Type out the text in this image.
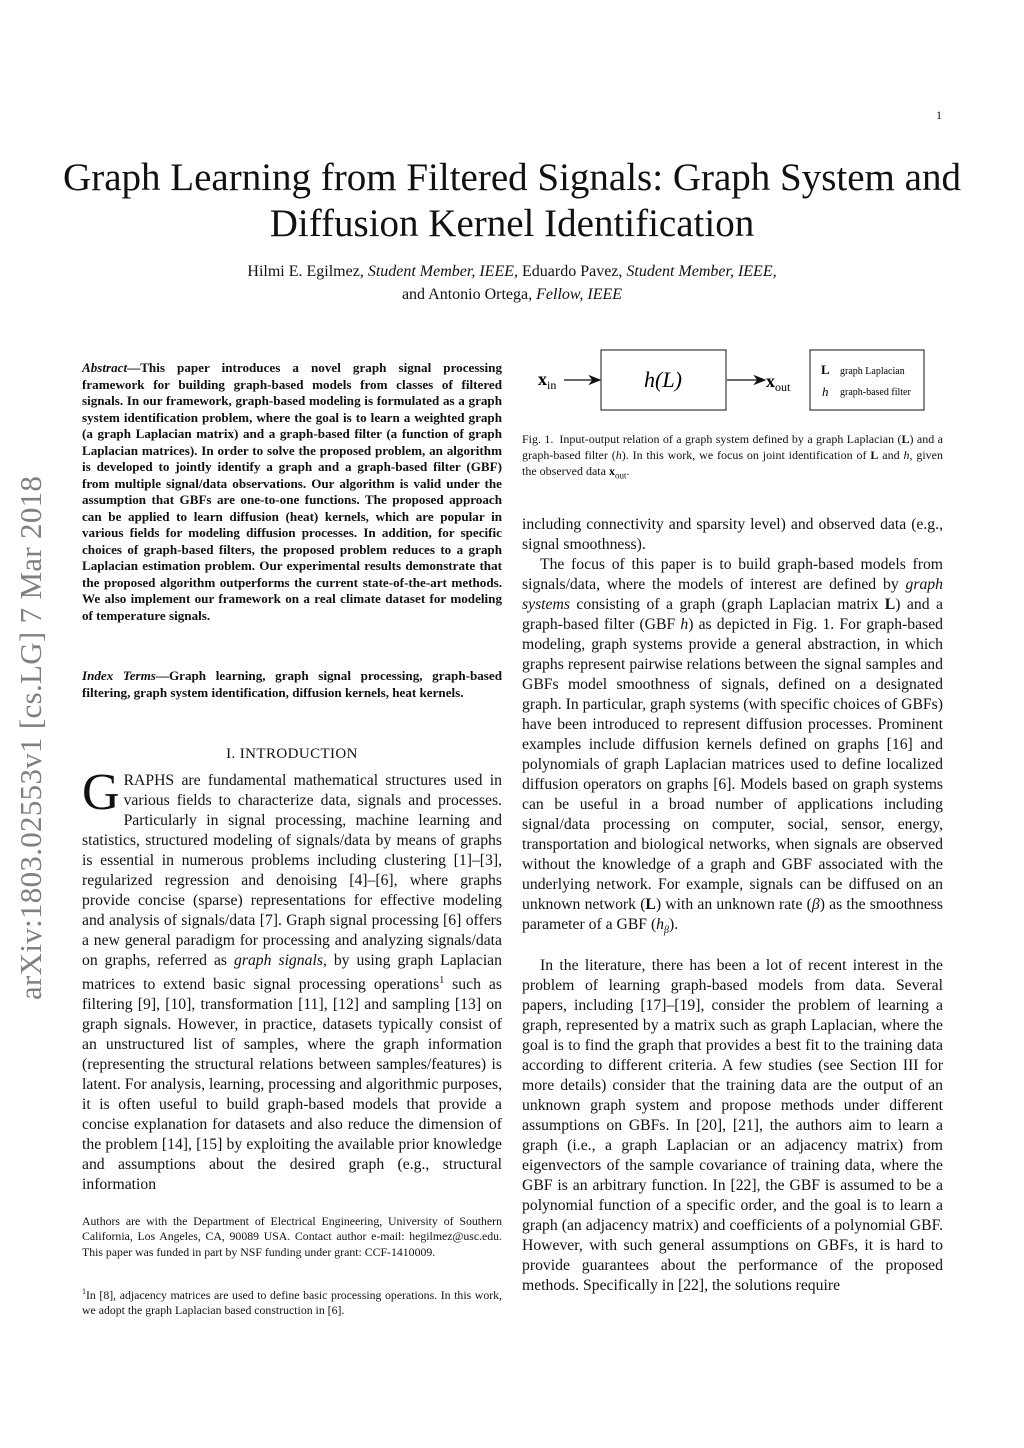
1
Graph Learning from Filtered Signals: Graph System and Diffusion Kernel Identification
Hilmi E. Egilmez, Student Member, IEEE, Eduardo Pavez, Student Member, IEEE,
and Antonio Ortega, Fellow, IEEE
arXiv:1803.02553v1 [cs.LG] 7 Mar 2018
Abstract—This paper introduces a novel graph signal processing framework for building graph-based models from classes of filtered signals. In our framework, graph-based modeling is formulated as a graph system identification problem, where the goal is to learn a weighted graph (a graph Laplacian matrix) and a graph-based filter (a function of graph Laplacian matrices). In order to solve the proposed problem, an algorithm is developed to jointly identify a graph and a graph-based filter (GBF) from multiple signal/data observations. Our algorithm is valid under the assumption that GBFs are one-to-one functions. The proposed approach can be applied to learn diffusion (heat) kernels, which are popular in various fields for modeling diffusion processes. In addition, for specific choices of graph-based filters, the proposed problem reduces to a graph Laplacian estimation problem. Our experimental results demonstrate that the proposed algorithm outperforms the current state-of-the-art methods. We also implement our framework on a real climate dataset for modeling of temperature signals.
Index Terms—Graph learning, graph signal processing, graph-based filtering, graph system identification, diffusion kernels, heat kernels.
I. INTRODUCTION
GRAPHS are fundamental mathematical structures used in various fields to characterize data, signals and processes. Particularly in signal processing, machine learning and statistics, structured modeling of signals/data by means of graphs is essential in numerous problems including clustering [1]–[3], regularized regression and denoising [4]–[6], where graphs provide concise (sparse) representations for effective modeling and analysis of signals/data [7]. Graph signal processing [6] offers a new general paradigm for processing and analyzing signals/data on graphs, referred as graph signals, by using graph Laplacian matrices to extend basic signal processing operations$^1$ such as filtering [9], [10], transformation [11], [12] and sampling [13] on graph signals. However, in practice, datasets typically consist of an unstructured list of samples, where the graph information (representing the structural relations between samples/features) is latent. For analysis, learning, processing and algorithmic purposes, it is often useful to build graph-based models that provide a concise explanation for datasets and also reduce the dimension of the problem [14], [15] by exploiting the available prior knowledge and assumptions about the desired graph (e.g., structural information
Authors are with the Department of Electrical Engineering, University of Southern California, Los Angeles, CA, 90089 USA. Contact author e-mail: hegilmez@usc.edu. This paper was funded in part by NSF funding under grant: CCF-1410009.
$^1$In [8], adjacency matrices are used to define basic processing operations. In this work, we adopt the graph Laplacian based construction in [6].
$x_{in}$	h(L)	$x_{out}$
L graph Laplacian
h graph-based filter
Fig. 1. Input-output relation of a graph system defined by a graph Laplacian (L) and a graph-based filter (h). In this work, we focus on joint identification of L and h, given the observed data $x_{out}$.
including connectivity and sparsity level) and observed data (e.g., signal smoothness).
The focus of this paper is to build graph-based models from signals/data, where the models of interest are defined by graph systems consisting of a graph (graph Laplacian matrix L) and a graph-based filter (GBF h) as depicted in Fig. 1. For graph-based modeling, graph systems provide a general abstraction, in which graphs represent pairwise relations between the signal samples and GBFs model smoothness of signals, defined on a designated graph. In particular, graph systems (with specific choices of GBFs) have been introduced to represent diffusion processes. Prominent examples include diffusion kernels defined on graphs [16] and polynomials of graph Laplacian matrices used to define localized diffusion operators on graphs [6]. Models based on graph systems can be useful in a broad number of applications including signal/data processing on computer, social, sensor, energy, transportation and biological networks, when signals are observed without the knowledge of a graph and GBF associated with the underlying network. For example, signals can be diffused on an unknown network (L) with an unknown rate (β) as the smoothness parameter of a GBF $(h_\beta)$.
In the literature, there has been a lot of recent interest in the problem of learning graph-based models from data. Several papers, including [17]–[19], consider the problem of learning a graph, represented by a matrix such as graph Laplacian, where the goal is to find the graph that provides a best fit to the training data according to different criteria. A few studies (see Section III for more details) consider that the training data are the output of an unknown graph system and propose methods under different assumptions on GBFs. In [20], [21], the authors aim to learn a graph (i.e., a graph Laplacian or an adjacency matrix) from eigenvectors of the sample covariance of training data, where the GBF is an arbitrary function. In [22], the GBF is assumed to be a polynomial function of a specific order, and the goal is to learn a graph (an adjacency matrix) and coefficients of a polynomial GBF. However, with such general assumptions on GBFs, it is hard to provide guarantees about the performance of the proposed methods. Specifically in [22], the solutions require
